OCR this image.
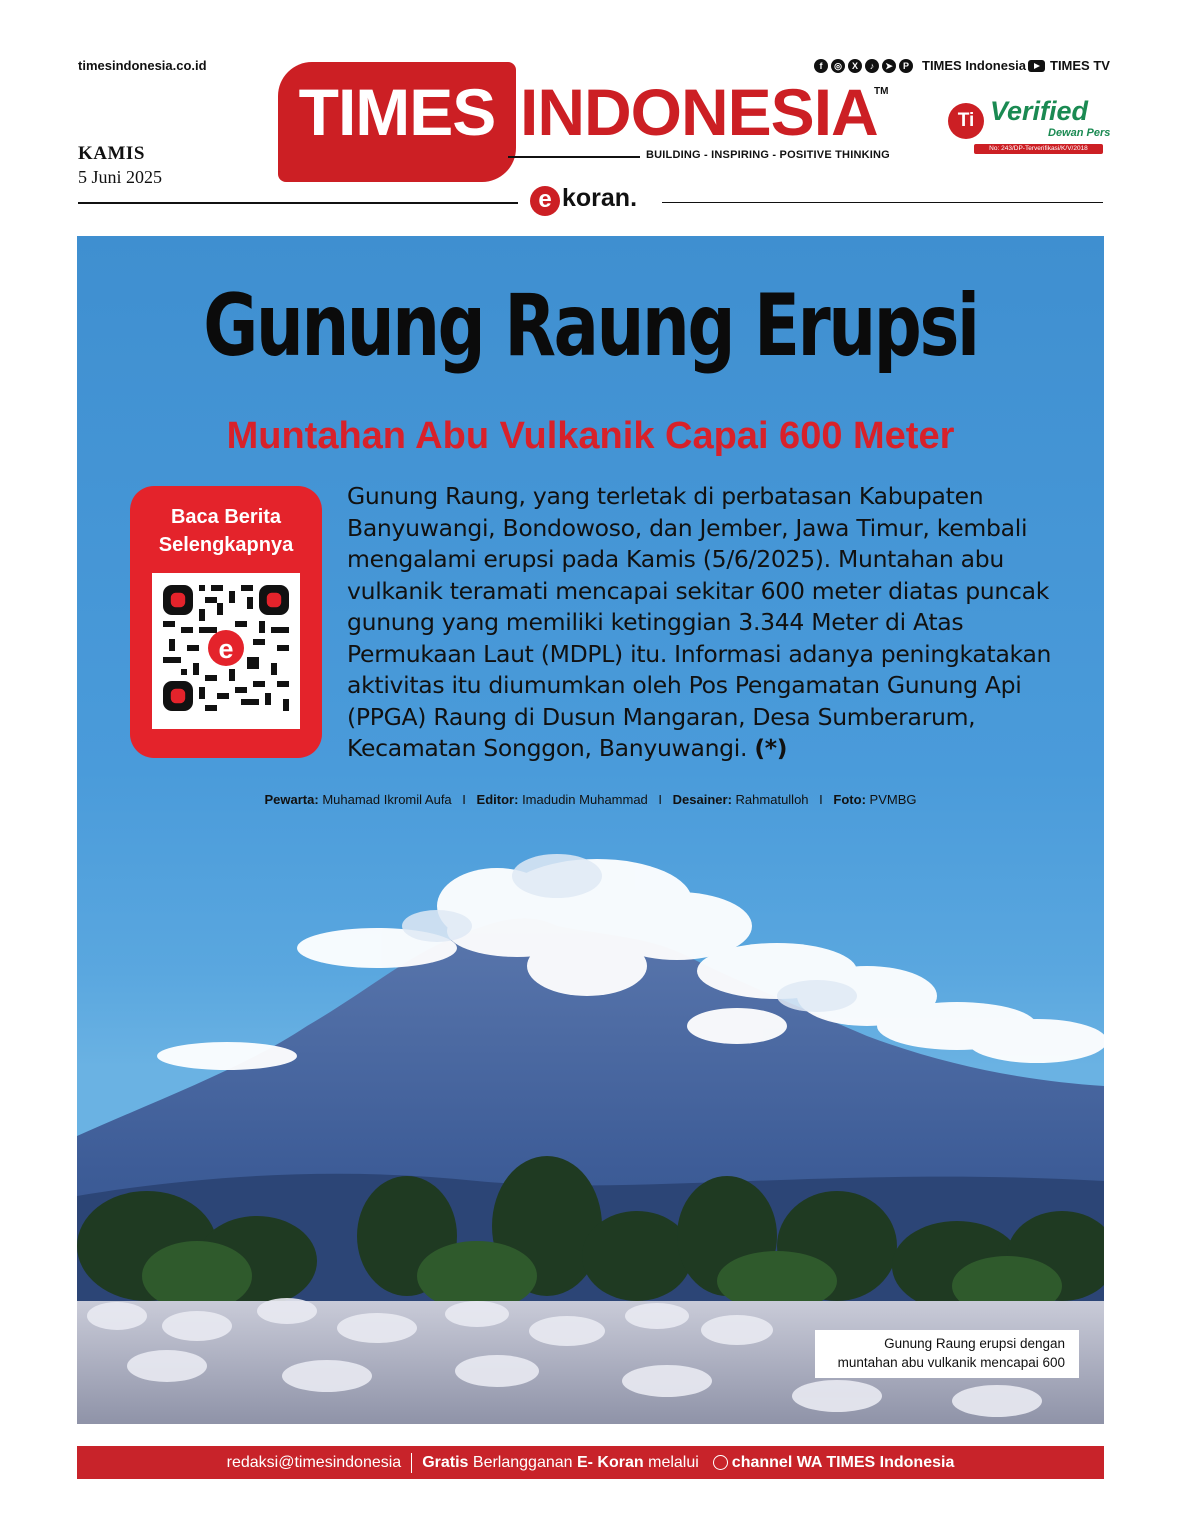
timesindonesia.co.id
KAMIS
5 Juni 2025
TIMES INDONESIA
TM
BUILDING - INSPIRING - POSITIVE THINKING
f	◎	X	♪	➤	P	TIMES Indonesia TIMES TV
Ti Verified
Dewan Pers
No: 243/DP-Terverifikasi/K/V/2018
e koran.
Gunung Raung Erupsi
Muntahan Abu Vulkanik Capai 600 Meter
Baca Berita
Selengkapnya
e
Gunung Raung, yang terletak di perbatasan Kabupaten Banyuwangi, Bondowoso, dan Jember, Jawa Timur, kembali mengalami erupsi pada Kamis (5/6/2025). Muntahan abu vulkanik teramati mencapai sekitar 600 meter diatas puncak gunung yang memiliki ketinggian 3.344 Meter di Atas Permukaan Laut (MDPL) itu. Informasi adanya peningkatakan aktivitas itu diumumkan oleh Pos Pengamatan Gunung Api (PPGA) Raung di Dusun Mangaran, Desa Sumberarum, Kecamatan Songgon, Banyuwangi. (*)
Pewarta: Muhamad Ikromil Aufa I Editor: Imadudin Muhammad I Desainer: Rahmatulloh I Foto: PVMBG
Gunung Raung erupsi dengan
muntahan abu vulkanik mencapai 600
redaksi@timesindonesia Gratis
Berlangganan
E- Koran
melalui channel WA TIMES Indonesia
